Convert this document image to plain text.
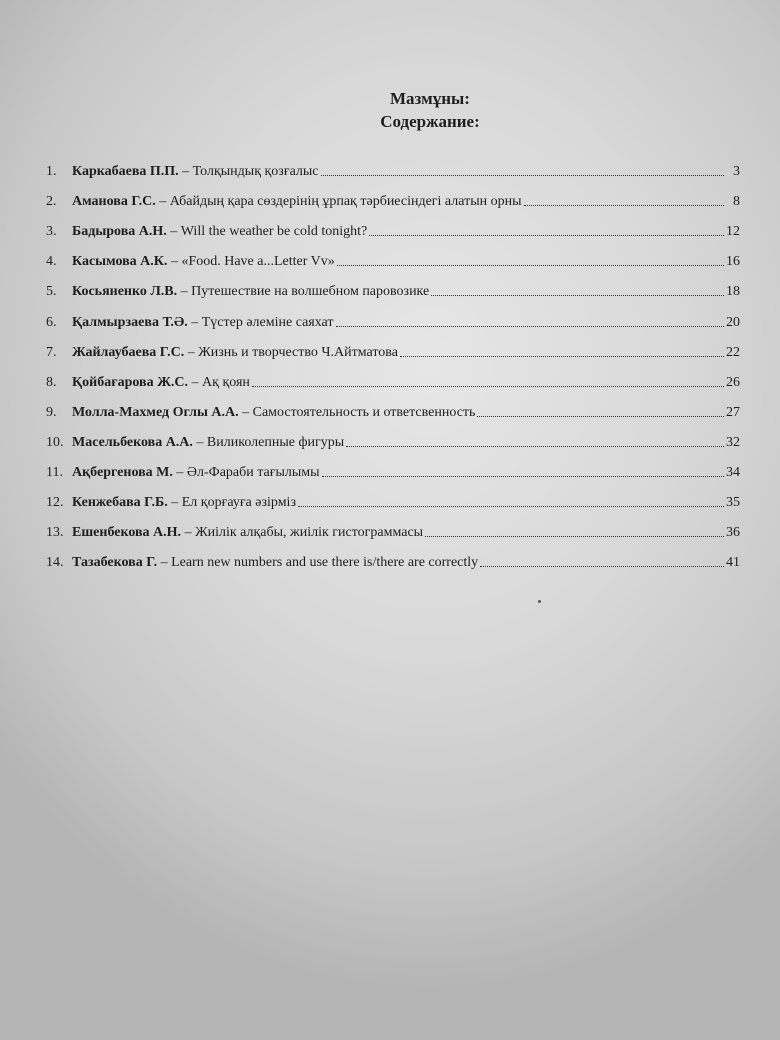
Мазмұны:
Содержание:
1.	Каркабаева П.П. – Толқындық қозғалыс	3
2.	Аманова Г.С. – Абайдың қара сөздерінің ұрпақ тәрбиесіндегі алатын орны	8
3.	Бадырова А.Н. – Will the weather be cold tonight?	12
4.	Касымова А.К. – «Food. Have a...Letter Vv»	16
5.	Косьяненко Л.В. – Путешествие на волшебном паровозике	18
6.	Қалмырзаева Т.Ә. – Түстер әлеміне саяхат	20
7.	Жайлаубаева Г.С. – Жизнь и творчество Ч.Айтматова	22
8.	Қойбағарова Ж.С. – Ақ қоян	26
9.	Молла-Махмед Оглы А.А. – Самостоятельность и ответсвенность	27
10. Масельбекова А.А. – Виликолепные фигуры	32
11. Ақбергенова М. – Әл-Фараби тағылымы	34
12. Кенжебава Г.Б. – Ел қорғауға әзірміз	35
13. Ешенбекова А.Н. – Жиілік алқабы, жиілік гистограммасы	36
14. Тазабекова Г. – Learn new numbers and use there is/there are correctly	41
